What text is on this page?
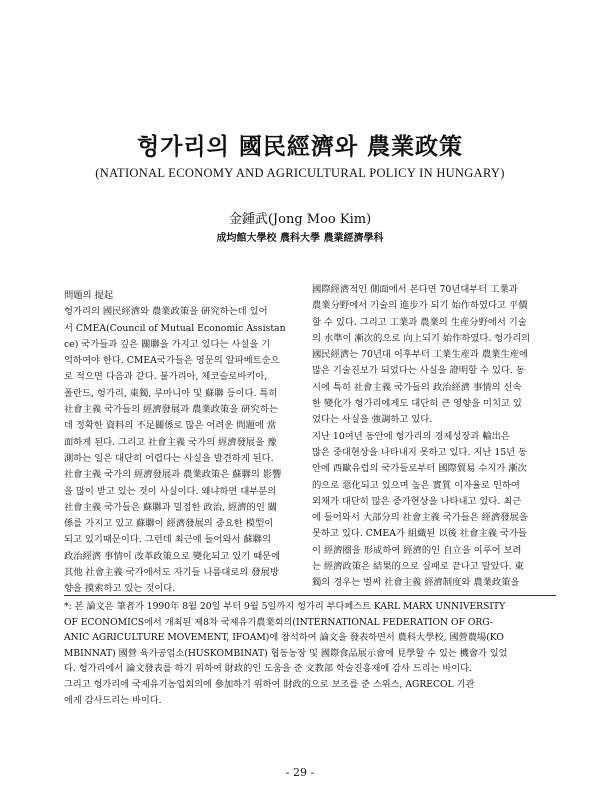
헝가리의 國民經濟와 農業政策
(NATIONAL ECONOMY AND AGRICULTURAL POLICY IN HUNGARY)
金鍾武(Jong Moo Kim)
成均館大學校 農科大學 農業經濟學科
問題의 提起
헝가리의 國民經濟와 農業政策을 硏究하는데 있어
서 CMEA(Council of Mutual Economic Assistan
ce) 국가들과 깊은 關聯을 가지고 있다는 사실을 기
억하여야 한다. CMEA국가들은 영문의 알파베트순으
로 적으면 다음과 같다. 불가리아, 체코슬로바키아,
폴란드, 헝가리, 東獨, 루마니아 및 蘇聯 등이다. 특히
社會主義 국가들의 經濟發展과 農業政策을 硏究하는
데 정확한 資料의 不足關係로 많은 어려운 問題에 當
面하게 된다. 그리고 社會主義 국가의 經濟發展을 豫
測하는 일은 대단히 어렵다는 사실을 발견하게 된다.
社會主義 국가의 經濟發展과 農業政策은 蘇聯의 影響
을 많이 받고 있는 것이 사실이다. 왜냐하면 대부분의
社會主義 국가들은 蘇聯과 밀접한 政治, 經濟的인 關
係를 가지고 있고 蘇聯이 經濟發展의 중요한 模型이
되고 있기때문이다. 그런데 최근에 들어와서 蘇聯의
政治經濟 事情이 改革政策으로 變化되고 있기 때문에
其他 社會主義 국가에서도 자기들 나름대로의 發展방
향을 摸索하고 있는 것이다.
國際經濟적인 側面에서 본다면 70년대부터 工業과
農業分野에서 기술의 進步가 되기 始作하였다고 平價
할 수 있다. 그리고 工業과 農業의 生産分野에서 기술
의 水準이 漸次的으로 向上되기 始作하였다. 헝가리의
國民經濟는 70년대 이후부터 工業生産과 農業生産에
많은 기술진보가 되었다는 사실을 證明할 수 있다. 동
시에 특히 社會主義 국가들의 政治經濟 事情의 신속
한 變化가 헝가리에게도 대단히 큰 영향을 미치고 있
었다는 사실을 強調하고 있다.
지난 10여년 동안에 헝가리의 경제성장과 輸出은
많은 중대현상을 나타내지 못하고 있다. 지난 15년 동
안에 西歐유럽의 국가들로부터 國際貿易 수지가 漸次
的으로 惡化되고 있으며 높은 實質 이자율로 인하여
외채가 대단히 많은 증가현상을 나타내고 있다. 최근
에 들어와서 大部分의 社會主義 국가들은 經濟發展을
못하고 있다. CMEA가 組織된 以後 社會主義 국가들
이 經濟圈을 形成하여 經濟的인 自立을 이루어 보려
는 經濟政策은 結果的으로 실패로 끝나고 말았다. 東
獨의 경우는 벌써 社會主義 經濟制度와 農業政策을
*: 본 論文은 筆者가 1990年 8월 20일 부터 9월 5일까지 헝가리 부다페스트 KARL MARX UNNIVERSITY
OF ECONOMICS에서 개최된 제8차 국제유기農業회의(INTERNATIONAL FEDERATION OF ORG-
ANIC AGRICULTURE MOVEMENT, IFOAM)에 참석하여 論文을 發表하면서 農科大學校, 國營農場(KO
MBINNAT) 國營 육가공업소(HUSKOMBINAT) 협동농장 및 國際食品展示會에 見學할 수 있는 機會가 있었
다. 헝가리에서 論文發表를 하기 위하여 財政的인 도움을 준 文教部 학술진흥재에 감사 드리는 바이다.
그리고 헝가리에 국제유기농업회의에 參加하기 위하여 財政的으로 보조를 준 스위스, AGRECOL 기관
에게 감사드리는 바이다.
- 29 -
